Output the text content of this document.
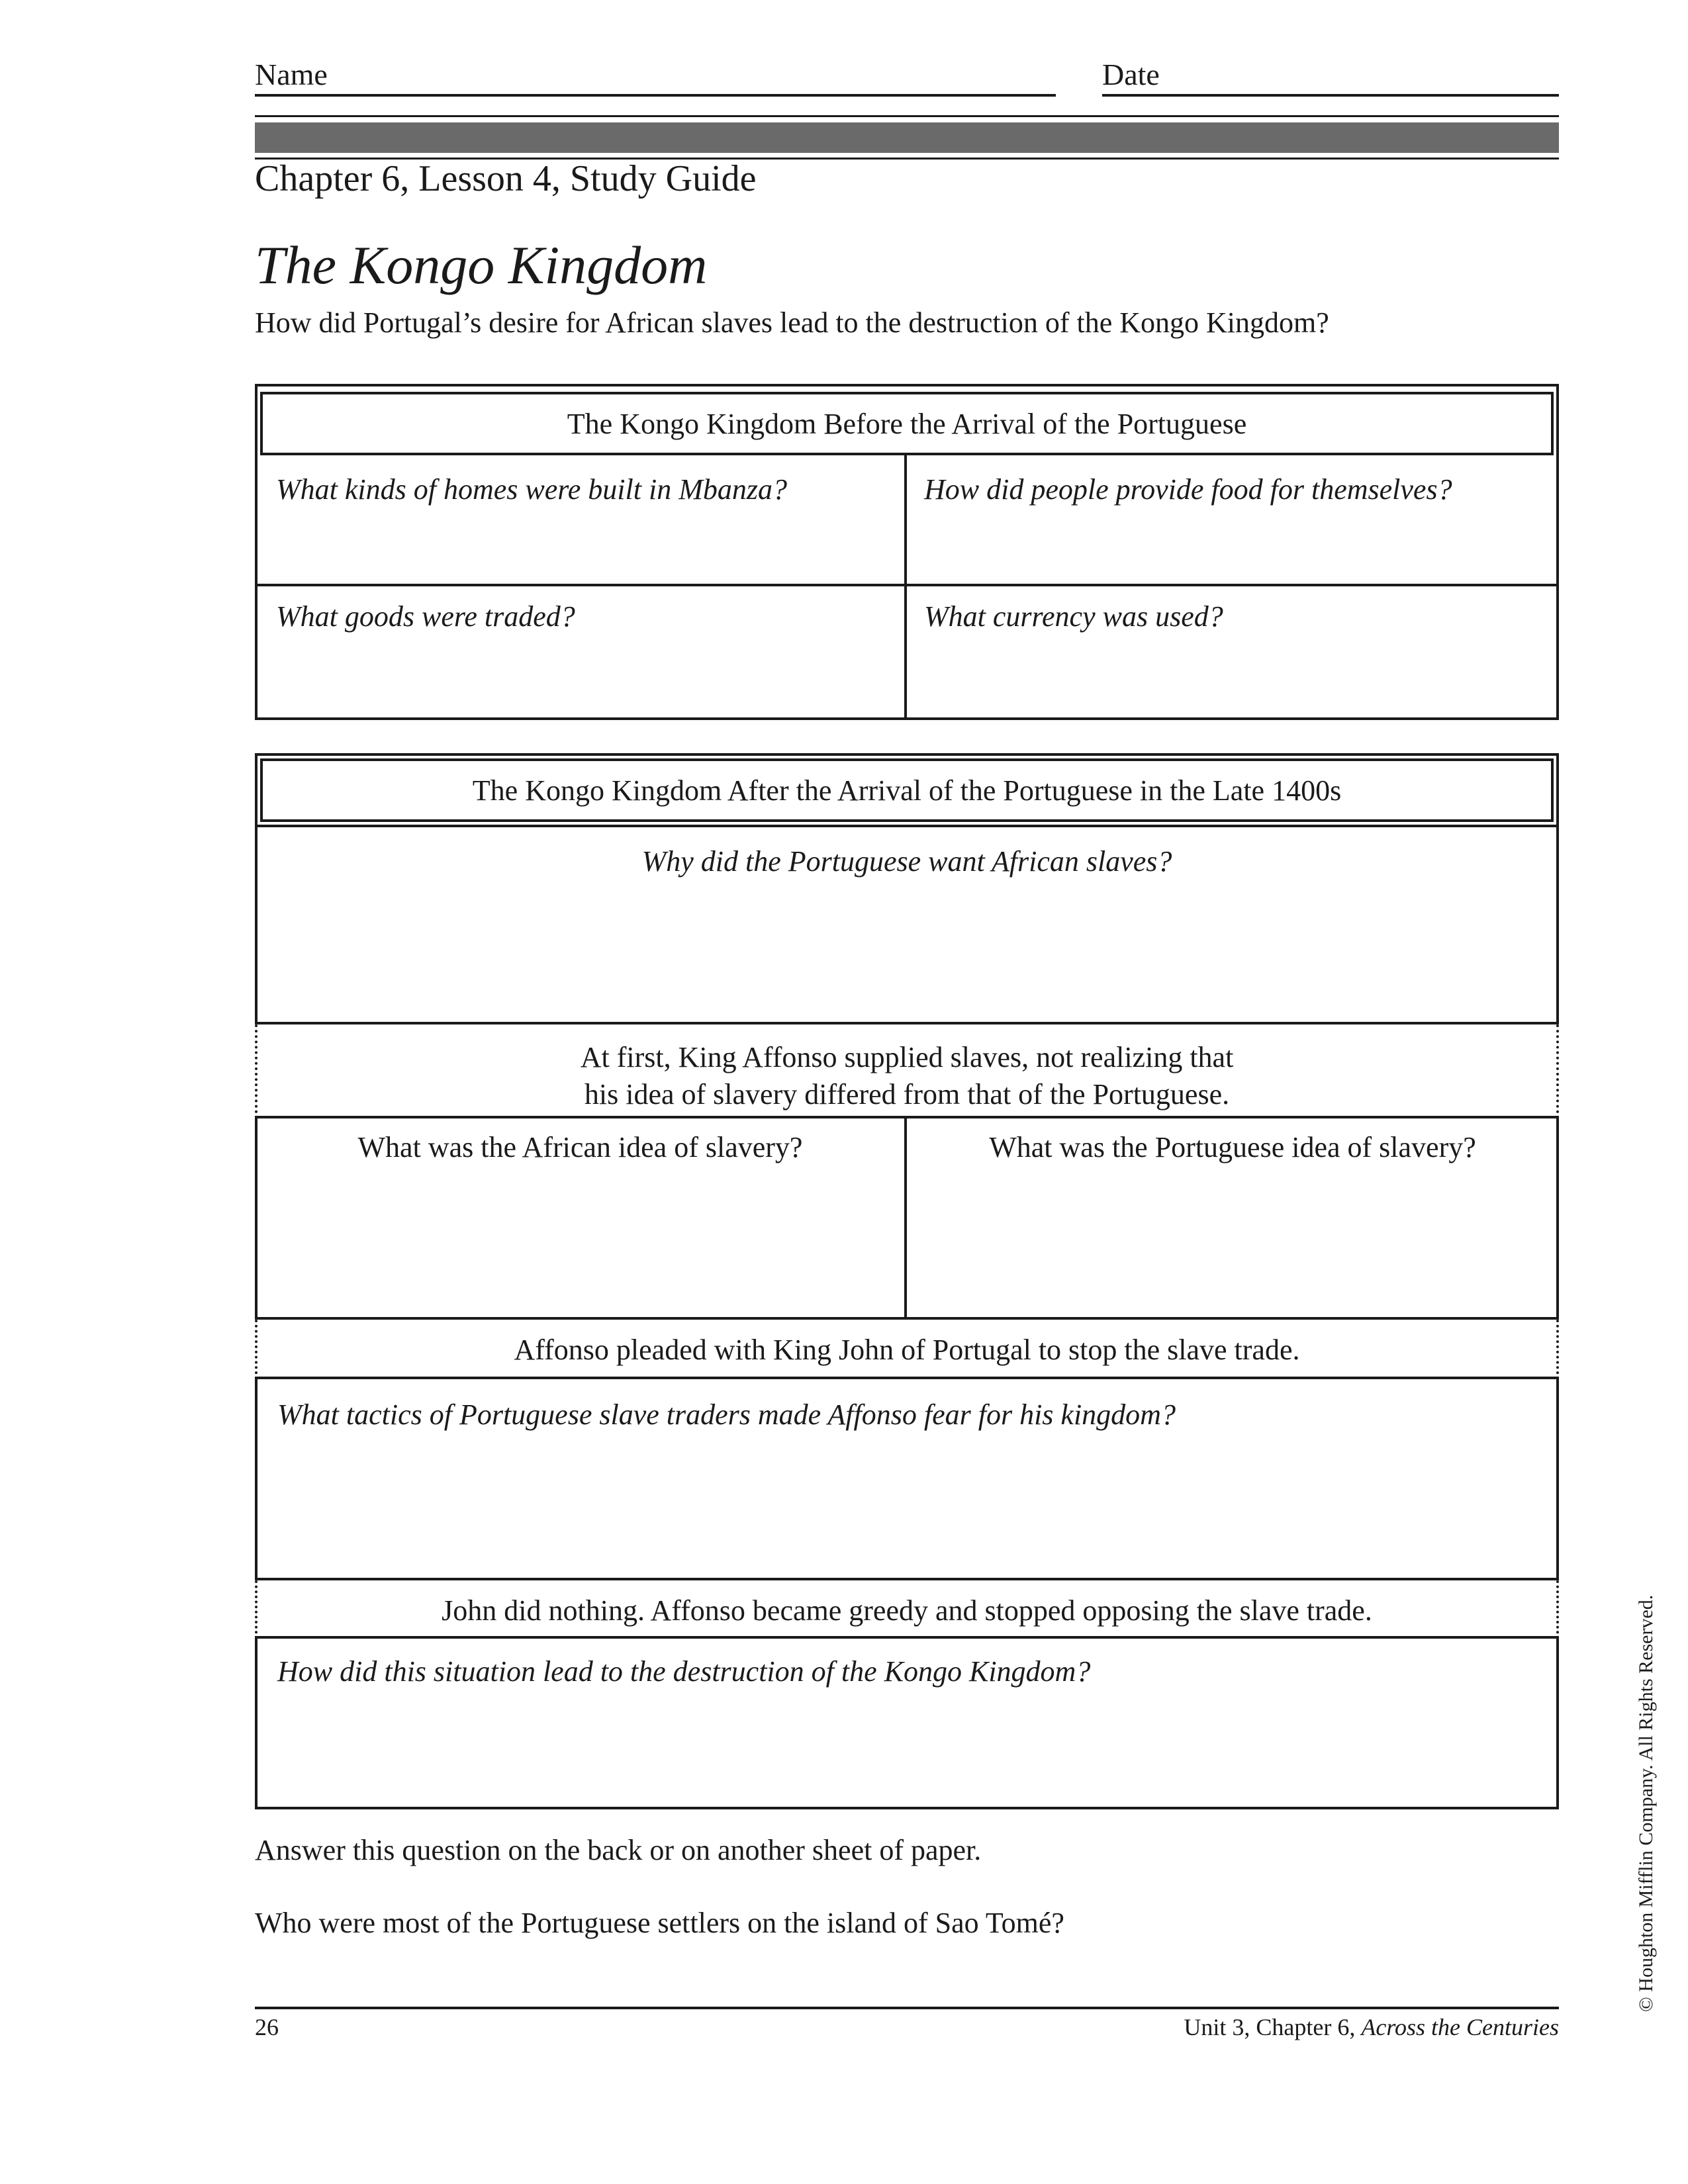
Name	Date
Chapter 6, Lesson 4, Study Guide
The Kongo Kingdom
How did Portugal’s desire for African slaves lead to the destruction of the Kongo Kingdom?
The Kongo Kingdom Before the Arrival of the Portuguese
What kinds of homes were built in Mbanza?	How did people provide food for themselves?
What goods were traded?	What currency was used?
The Kongo Kingdom After the Arrival of the Portuguese in the Late 1400s
Why did the Portuguese want African slaves?
At first, King Affonso supplied slaves, not realizing that
his idea of slavery differed from that of the Portuguese.
What was the African idea of slavery?	What was the Portuguese idea of slavery?
Affonso pleaded with King John of Portugal to stop the slave trade.
What tactics of Portuguese slave traders made Affonso fear for his kingdom?
John did nothing. Affonso became greedy and stopped opposing the slave trade.
How did this situation lead to the destruction of the Kongo Kingdom?
Answer this question on the back or on another sheet of paper.
Who were most of the Portuguese settlers on the island of Sao Tomé?
26	Unit 3, Chapter 6, Across the Centuries
© Houghton Mifflin Company. All Rights Reserved.
